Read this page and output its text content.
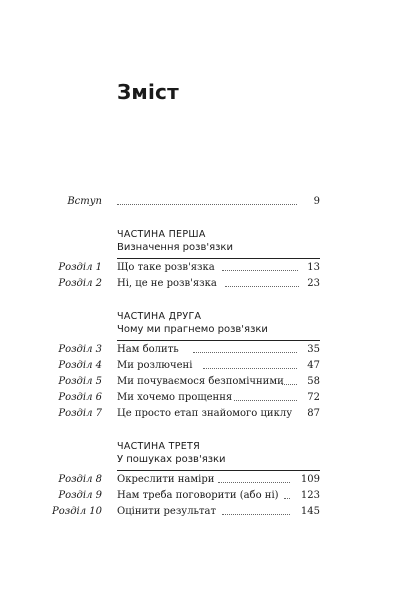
Зміст
Вступ	9
ЧАСТИНА ПЕРША
Визначення розв'язки
Розділ 1 Що таке розв'язка	13
Розділ 2 Ні, це не розв'язка	23
ЧАСТИНА ДРУГА
Чому ми прагнемо розв'язки
Розділ 3 Нам болить	35
Розділ 4 Ми розлючені	47
Розділ 5 Ми почуваємося безпомічними 58
Розділ 6 Ми хочемо прощення	72
Розділ 7 Це просто етап знайомого циклу 87
ЧАСТИНА ТРЕТЯ
У пошуках розв'язки
Розділ 8 Окреслити наміри	109
Розділ 9 Нам треба поговорити (або ні) 123
Розділ 10 Оцінити результат	145
